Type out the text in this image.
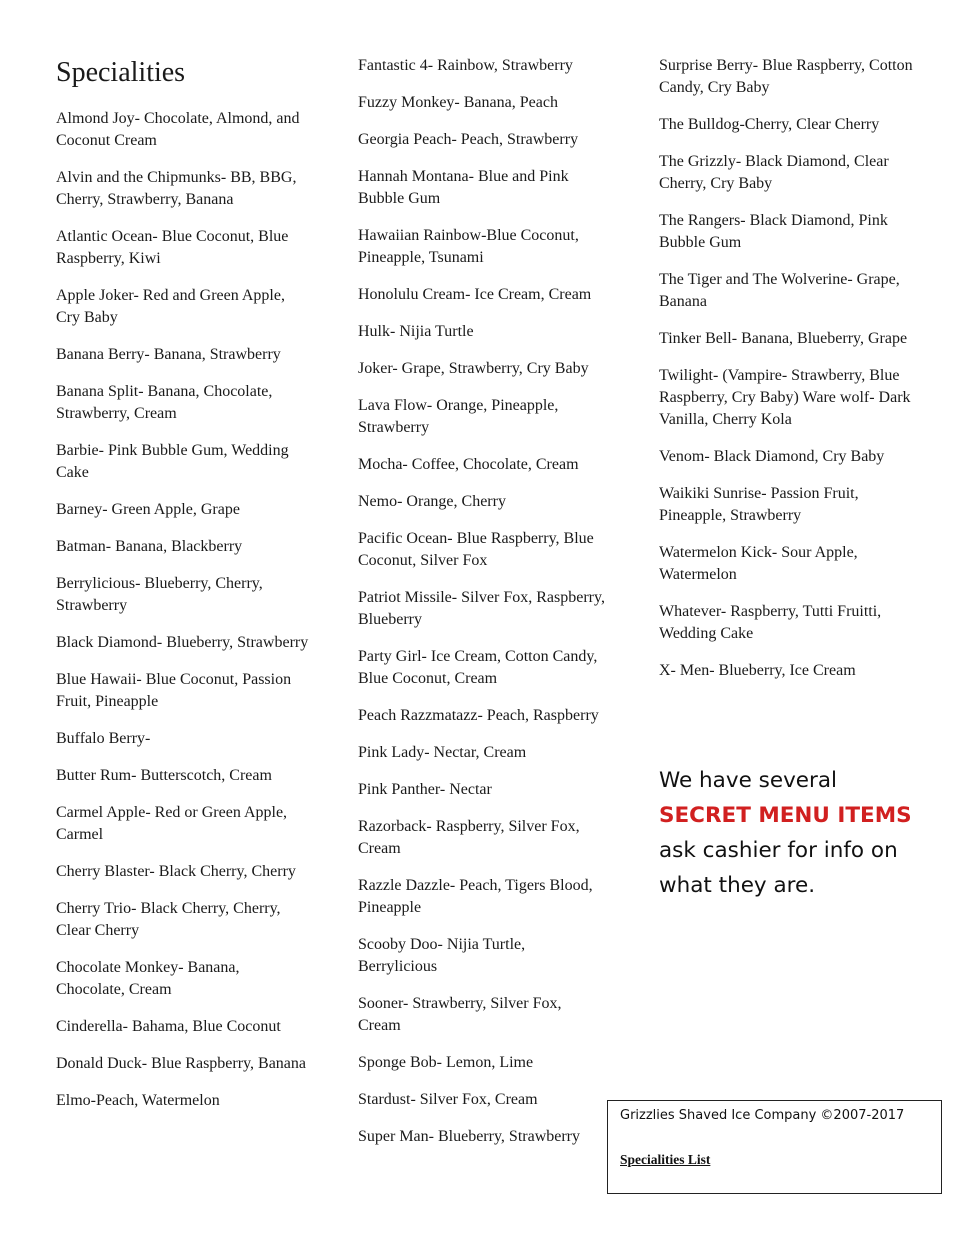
Almond Joy- Chocolate, Almond, and Coconut Cream
Alvin and the Chipmunks- BB, BBG, Cherry, Strawberry, Banana
Atlantic Ocean- Blue Coconut, Blue Raspberry, Kiwi
Apple Joker- Red and Green Apple, Cry Baby
Banana Berry- Banana, Strawberry
Banana Split- Banana, Chocolate, Strawberry, Cream
Barbie- Pink Bubble Gum, Wedding Cake
Barney- Green Apple, Grape
Batman- Banana, Blackberry
Berrylicious- Blueberry, Cherry, Strawberry
Black Diamond- Blueberry, Strawberry
Blue Hawaii- Blue Coconut, Passion Fruit, Pineapple
Buffalo Berry-
Butter Rum- Butterscotch, Cream
Carmel Apple- Red or Green Apple, Carmel
Cherry Blaster- Black Cherry, Cherry
Cherry Trio- Black Cherry, Cherry, Clear Cherry
Chocolate Monkey- Banana, Chocolate, Cream
Cinderella- Bahama, Blue Coconut
Donald Duck- Blue Raspberry, Banana
Elmo-Peach, Watermelon
Specialities	Fantastic 4- Rainbow, Strawberry
Fuzzy Monkey- Banana, Peach
Georgia Peach- Peach, Strawberry
Hannah Montana- Blue and Pink Bubble Gum
Hawaiian Rainbow-Blue Coconut, Pineapple, Tsunami
Honolulu Cream- Ice Cream, Cream
Hulk- Nijia Turtle
Joker- Grape, Strawberry, Cry Baby
Lava Flow- Orange, Pineapple, Strawberry
Mocha- Coffee, Chocolate, Cream
Nemo- Orange, Cherry
Pacific Ocean- Blue Raspberry, Blue Coconut, Silver Fox
Patriot Missile- Silver Fox, Raspberry, Blueberry
Party Girl- Ice Cream, Cotton Candy, Blue Coconut, Cream
Peach Razzmatazz- Peach, Raspberry
Pink Lady- Nectar, Cream
Pink Panther- Nectar
Razorback- Raspberry, Silver Fox, Cream
Razzle Dazzle- Peach, Tigers Blood, Pineapple
Scooby Doo- Nijia Turtle, Berrylicious
Sooner- Strawberry, Silver Fox, Cream
Sponge Bob- Lemon, Lime
Stardust- Silver Fox, Cream
Super Man- Blueberry, Strawberry
Surprise Berry- Blue Raspberry, Cotton Candy, Cry Baby
The Bulldog-Cherry, Clear Cherry
The Grizzly- Black Diamond, Clear Cherry, Cry Baby
The Rangers- Black Diamond, Pink Bubble Gum
The Tiger and The Wolverine- Grape, Banana
Tinker Bell- Banana, Blueberry, Grape
Twilight- (Vampire- Strawberry, Blue Raspberry, Cry Baby) Ware wolf- Dark Vanilla, Cherry Kola
Venom- Black Diamond, Cry Baby
Waikiki Sunrise- Passion Fruit, Pineapple, Strawberry
Watermelon Kick- Sour Apple, Watermelon
Whatever- Raspberry, Tutti Fruitti, Wedding Cake
X- Men- Blueberry, Ice Cream
We have several
SECRET MENU ITEMS
ask cashier for info on
what they are.
Grizzlies Shaved Ice Company ©2007-2017
Specialities List
